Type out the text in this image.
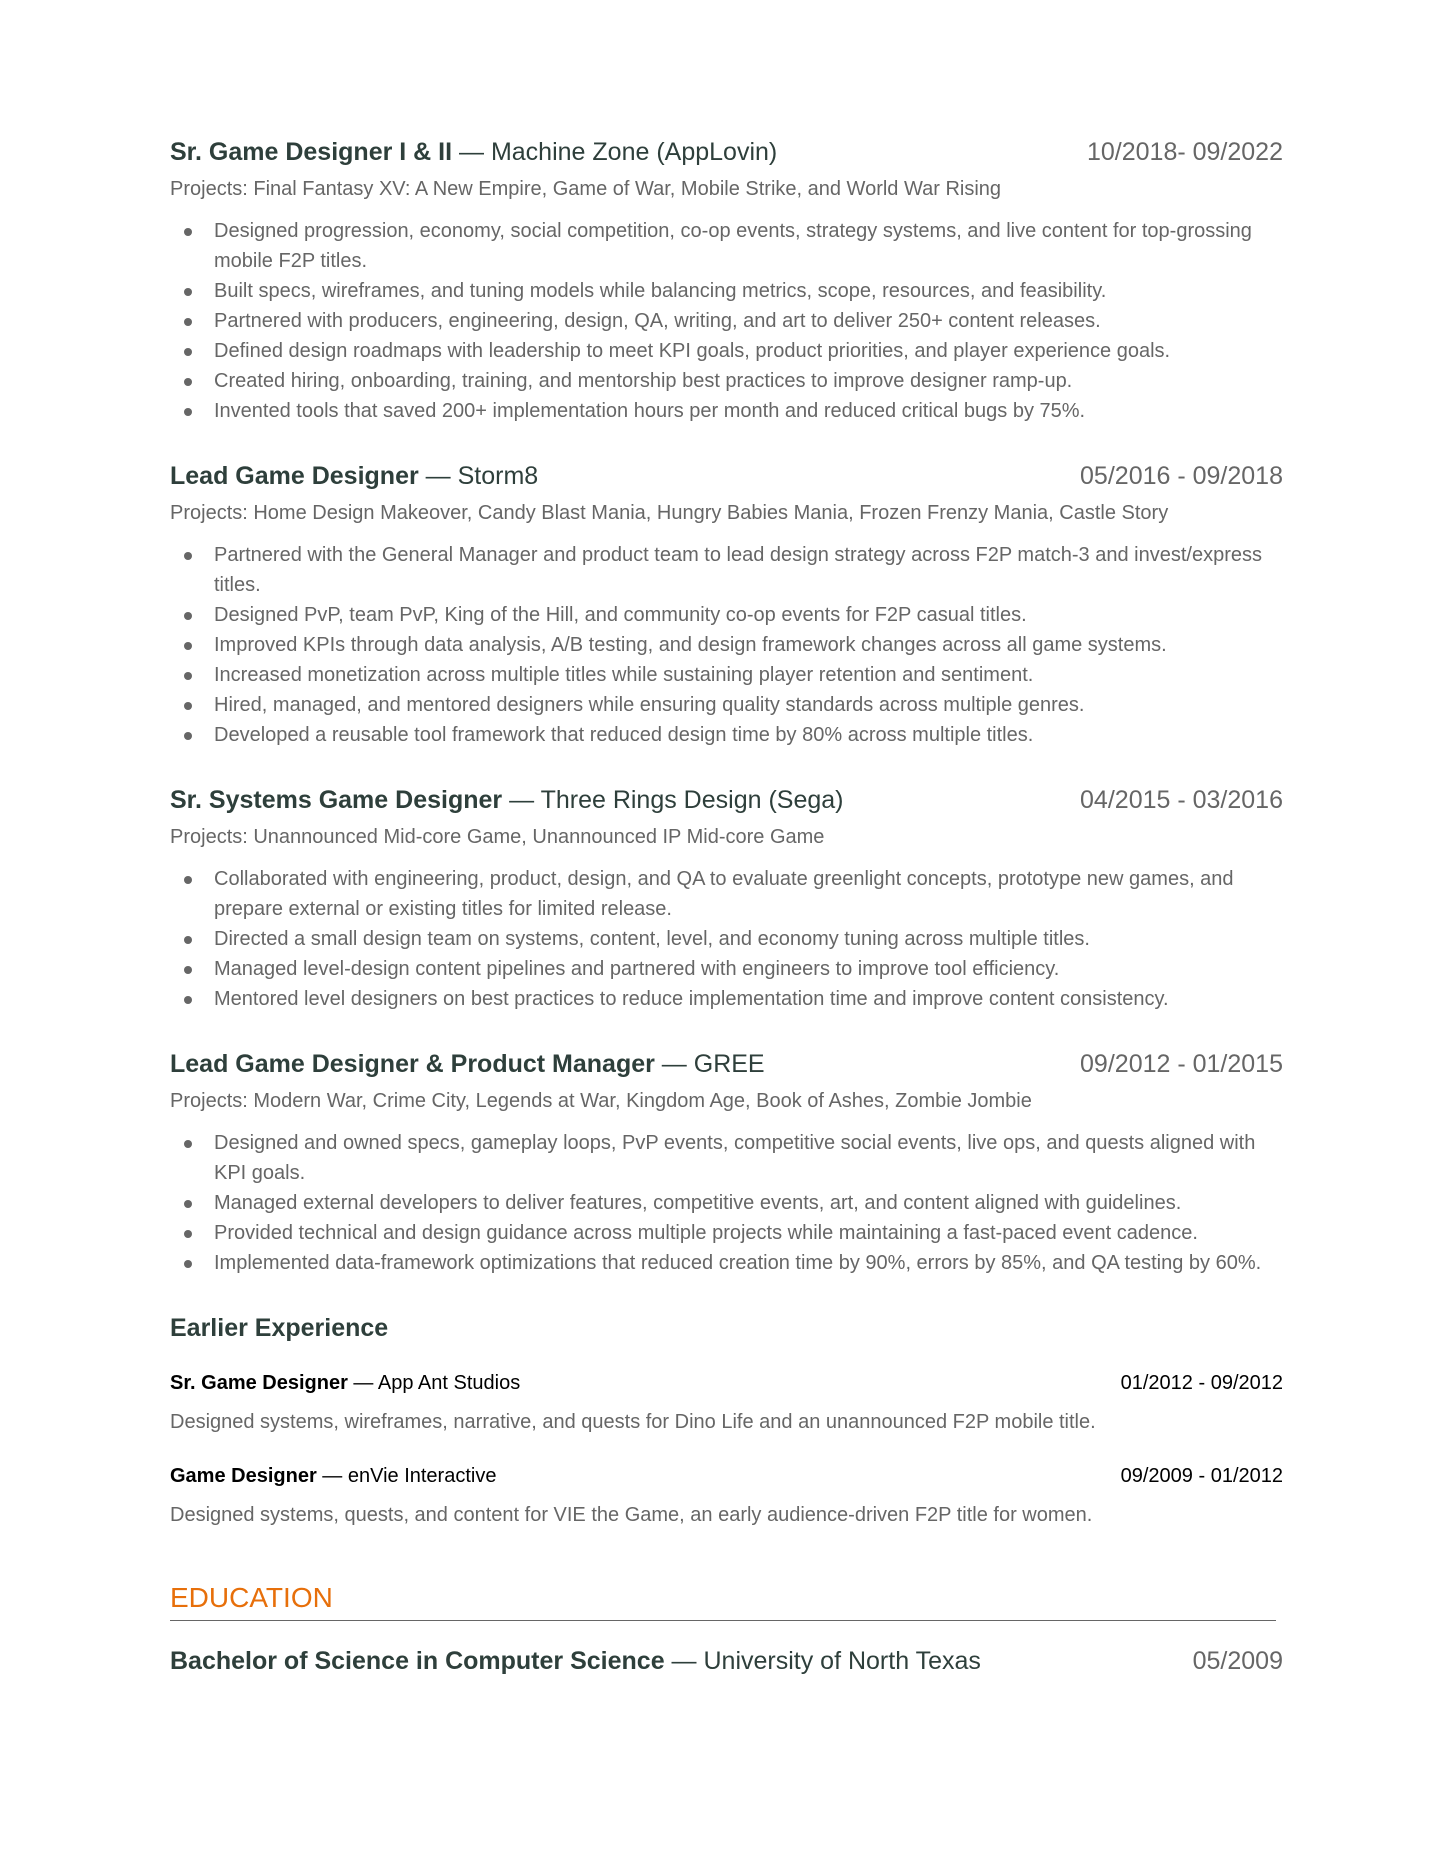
Sr. Game Designer I & II — Machine Zone (AppLovin)	10/2018- 09/2022
Projects: Final Fantasy XV: A New Empire, Game of War, Mobile Strike, and World War Rising
Designed progression, economy, social competition, co-op events, strategy systems, and live content for top-grossing mobile F2P titles.
Built specs, wireframes, and tuning models while balancing metrics, scope, resources, and feasibility.
Partnered with producers, engineering, design, QA, writing, and art to deliver 250+ content releases.
Defined design roadmaps with leadership to meet KPI goals, product priorities, and player experience goals.
Created hiring, onboarding, training, and mentorship best practices to improve designer ramp-up.
Invented tools that saved 200+ implementation hours per month and reduced critical bugs by 75%.
Lead Game Designer — Storm8	05/2016 - 09/2018
Projects: Home Design Makeover, Candy Blast Mania, Hungry Babies Mania, Frozen Frenzy Mania, Castle Story
Partnered with the General Manager and product team to lead design strategy across F2P match-3 and invest/express titles.
Designed PvP, team PvP, King of the Hill, and community co-op events for F2P casual titles.
Improved KPIs through data analysis, A/B testing, and design framework changes across all game systems.
Increased monetization across multiple titles while sustaining player retention and sentiment.
Hired, managed, and mentored designers while ensuring quality standards across multiple genres.
Developed a reusable tool framework that reduced design time by 80% across multiple titles.
Sr. Systems Game Designer — Three Rings Design (Sega)	04/2015 - 03/2016
Projects: Unannounced Mid-core Game, Unannounced IP Mid-core Game
Collaborated with engineering, product, design, and QA to evaluate greenlight concepts, prototype new games, and prepare external or existing titles for limited release.
Directed a small design team on systems, content, level, and economy tuning across multiple titles.
Managed level-design content pipelines and partnered with engineers to improve tool efficiency.
Mentored level designers on best practices to reduce implementation time and improve content consistency.
Lead Game Designer & Product Manager — GREE	09/2012 - 01/2015
Projects: Modern War, Crime City, Legends at War, Kingdom Age, Book of Ashes, Zombie Jombie
Designed and owned specs, gameplay loops, PvP events, competitive social events, live ops, and quests aligned with KPI goals.
Managed external developers to deliver features, competitive events, art, and content aligned with guidelines.
Provided technical and design guidance across multiple projects while maintaining a fast-paced event cadence.
Implemented data-framework optimizations that reduced creation time by 90%, errors by 85%, and QA testing by 60%.
Earlier Experience
Sr. Game Designer — App Ant Studios	01/2012 - 09/2012
Designed systems, wireframes, narrative, and quests for Dino Life and an unannounced F2P mobile title.
Game Designer — enVie Interactive	09/2009 - 01/2012
Designed systems, quests, and content for VIE the Game, an early audience-driven F2P title for women.
EDUCATION
Bachelor of Science in Computer Science — University of North Texas	05/2009
